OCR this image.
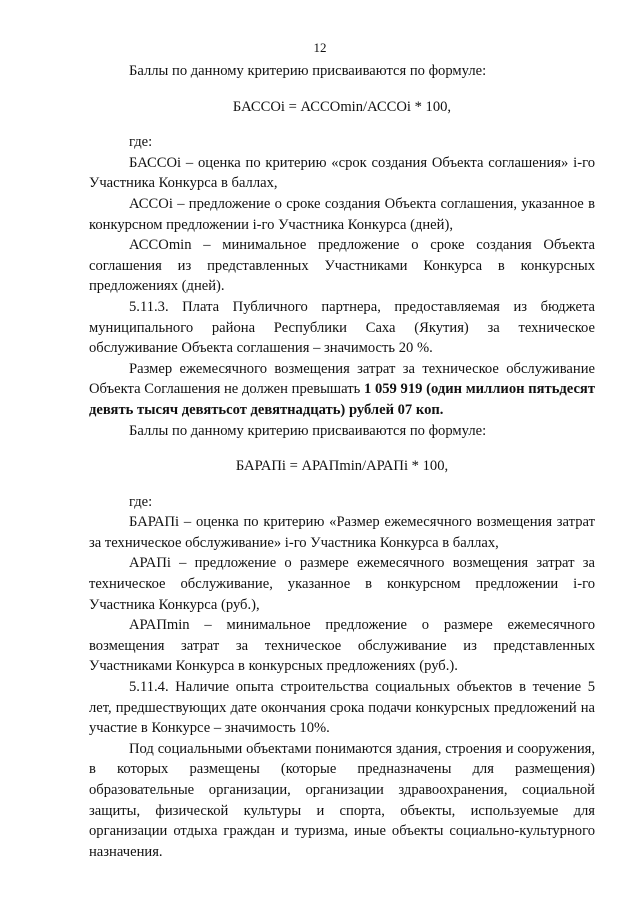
12

Баллы по данному критерию присваиваются по формуле:

БАССОi = АССОmin/АССОi * 100,

где:

БАССОi – оценка по критерию «срок создания Объекта соглашения» i-го Участника Конкурса в баллах,

АССОi – предложение о сроке создания Объекта соглашения, указанное в конкурсном предложении i-го Участника Конкурса (дней),

АССОmin – минимальное предложение о сроке создания Объекта соглашения из представленных Участниками Конкурса в конкурсных предложениях (дней).

5.11.3. Плата Публичного партнера, предоставляемая из бюджета муниципального района Республики Саха (Якутия) за техническое обслуживание Объекта соглашения – значимость 20 %.

Размер ежемесячного возмещения затрат за техническое обслуживание Объекта Соглашения не должен превышать 1 059 919 (один миллион пятьдесят девять тысяч девятьсот девятнадцать) рублей 07 коп.

Баллы по данному критерию присваиваются по формуле:

БАРАПi = АРАПmin/АРАПi * 100,

где:

БАРАПi – оценка по критерию «Размер ежемесячного возмещения затрат за техническое обслуживание» i-го Участника Конкурса в баллах,

АРАПi – предложение о размере ежемесячного возмещения затрат за техническое обслуживание, указанное в конкурсном предложении i-го Участника Конкурса (руб.),

АРАПmin – минимальное предложение о размере ежемесячного возмещения затрат за техническое обслуживание из представленных Участниками Конкурса в конкурсных предложениях (руб.).

5.11.4. Наличие опыта строительства социальных объектов в течение 5 лет, предшествующих дате окончания срока подачи конкурсных предложений на участие в Конкурсе – значимость 10%.

Под социальными объектами понимаются здания, строения и сооружения, в которых размещены (которые предназначены для размещения) образовательные организации, организации здравоохранения, социальной защиты, физической культуры и спорта, объекты, используемые для организации отдыха граждан и туризма, иные объекты социально-культурного назначения.
